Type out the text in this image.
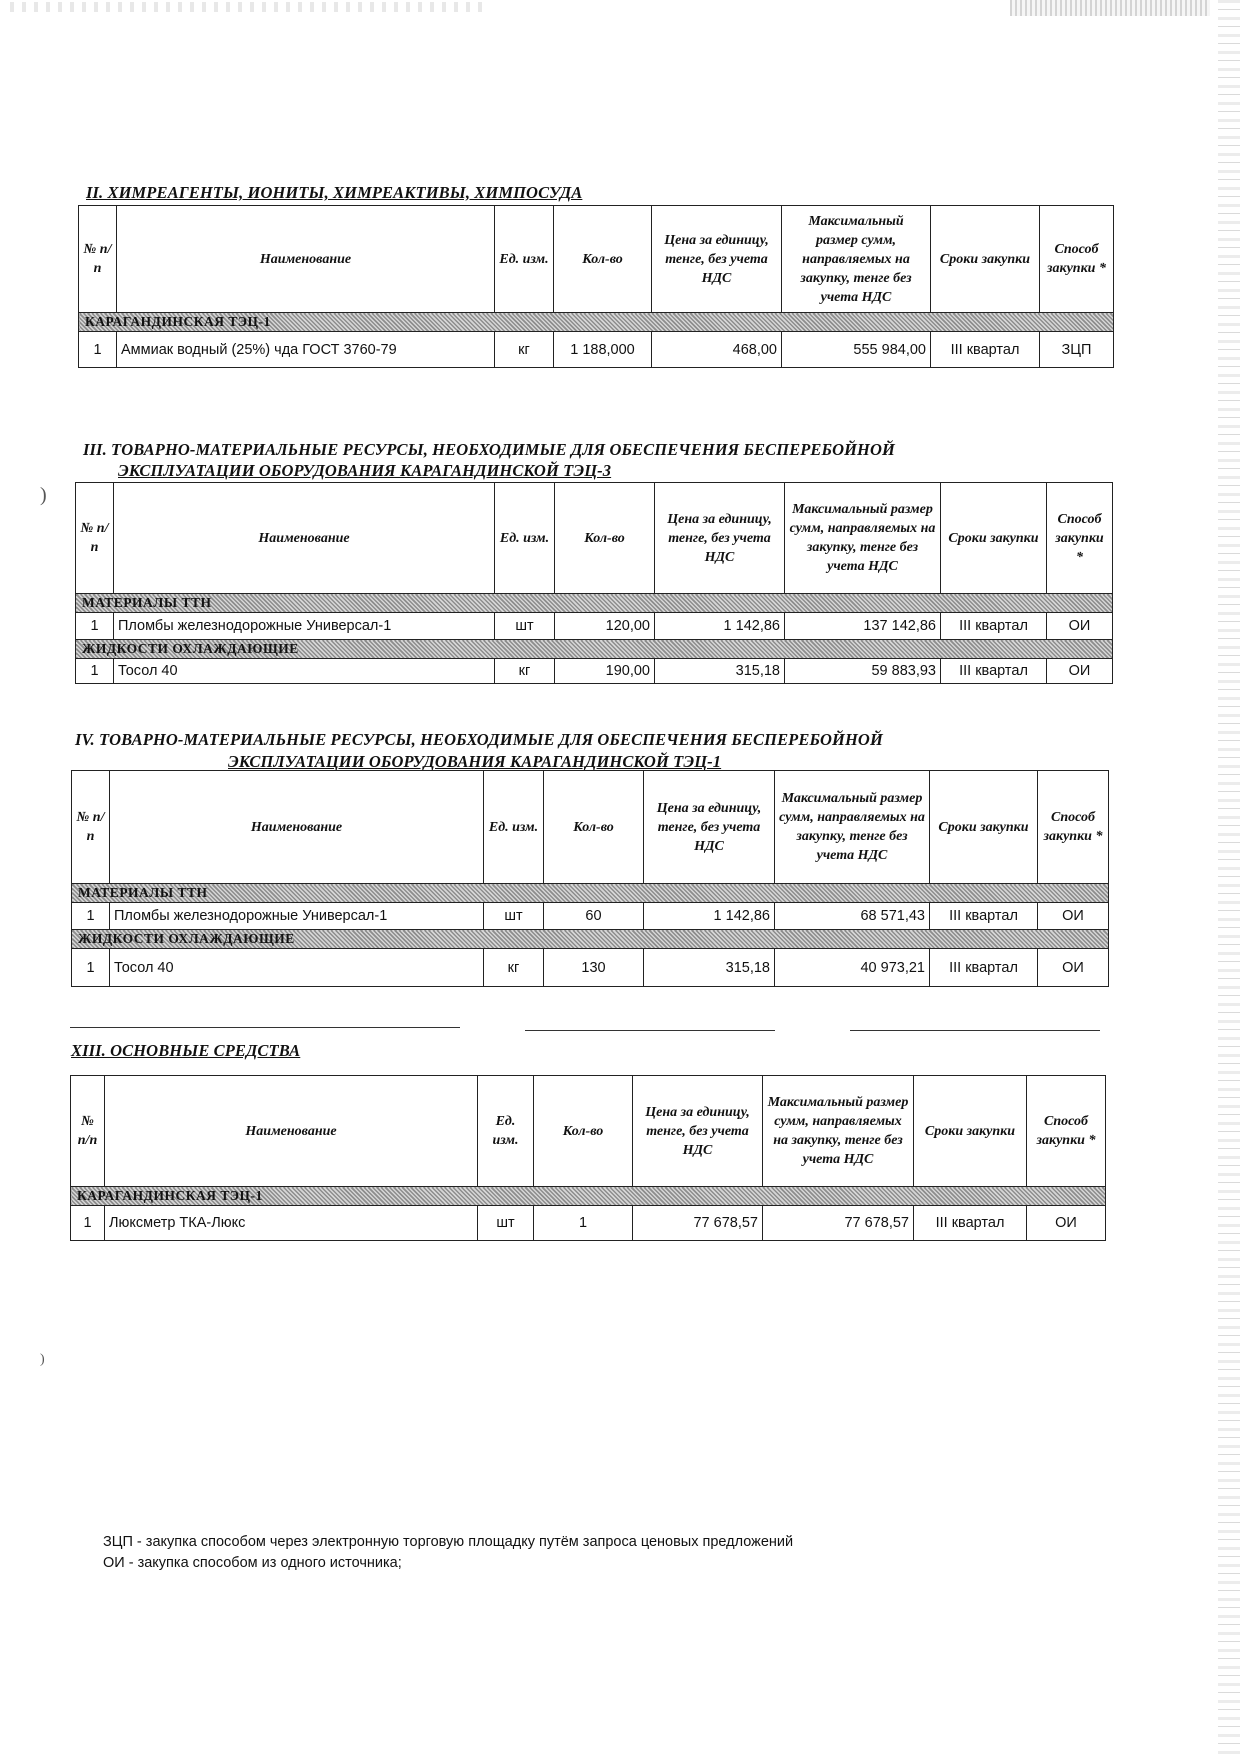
)
)
II. ХИМРЕАГЕНТЫ, ИОНИТЫ, ХИМРЕАКТИВЫ, ХИМПОСУДА
№ п/п	Наименование	Ед. изм.	Кол-во	Цена за единицу, тенге, без учета НДС	Максимальный размер сумм, направляемых на закупку, тенге без учета НДС	Сроки закупки	Способ закупки *
КАРАГАНДИНСКАЯ ТЭЦ-1							
1	Аммиак водный (25%) чда ГОСТ 3760-79	кг	1 188,000	468,00	555 984,00	III квартал	ЗЦП
III. ТОВАРНО-МАТЕРИАЛЬНЫЕ РЕСУРСЫ, НЕОБХОДИМЫЕ ДЛЯ ОБЕСПЕЧЕНИЯ БЕСПЕРЕБОЙНОЙ
ЭКСПЛУАТАЦИИ ОБОРУДОВАНИЯ КАРАГАНДИНСКОЙ ТЭЦ-3
№ п/п	Наименование	Ед. изм.	Кол-во	Цена за единицу, тенге, без учета НДС	Максимальный размер сумм, направляемых на закупку, тенге без учета НДС	Сроки закупки	Способ закупки *
МАТЕРИАЛЫ ТТН							
1	Пломбы железнодорожные Универсал-1	шт	120,00	1 142,86	137 142,86	III квартал	ОИ
ЖИДКОСТИ ОХЛАЖДАЮЩИЕ							
1	Тосол 40	кг	190,00	315,18	59 883,93	III квартал	ОИ
IV. ТОВАРНО-МАТЕРИАЛЬНЫЕ РЕСУРСЫ, НЕОБХОДИМЫЕ ДЛЯ ОБЕСПЕЧЕНИЯ БЕСПЕРЕБОЙНОЙ
ЭКСПЛУАТАЦИИ ОБОРУДОВАНИЯ КАРАГАНДИНСКОЙ ТЭЦ-1
№ п/п	Наименование	Ед. изм.	Кол-во	Цена за единицу, тенге, без учета НДС	Максимальный размер сумм, направляемых на закупку, тенге без учета НДС	Сроки закупки	Способ закупки *
МАТЕРИАЛЫ ТТН							
1	Пломбы железнодорожные Универсал-1	шт	60	1 142,86	68 571,43	III квартал	ОИ
ЖИДКОСТИ ОХЛАЖДАЮЩИЕ							
1	Тосол 40	кг	130	315,18	40 973,21	III квартал	ОИ
XIII. ОСНОВНЫЕ СРЕДСТВА
№ п/п	Наименование	Ед. изм.	Кол-во	Цена за единицу, тенге, без учета НДС	Максимальный размер сумм, направляемых на закупку, тенге без учета НДС	Сроки закупки	Способ закупки *
КАРАГАНДИНСКАЯ ТЭЦ-1							
1	Люксметр ТКА-Люкс	шт	1	77 678,57	77 678,57	III квартал	ОИ
ЗЦП - закупка способом через электронную торговую площадку путём запроса ценовых предложений
ОИ - закупка способом из одного источника;
